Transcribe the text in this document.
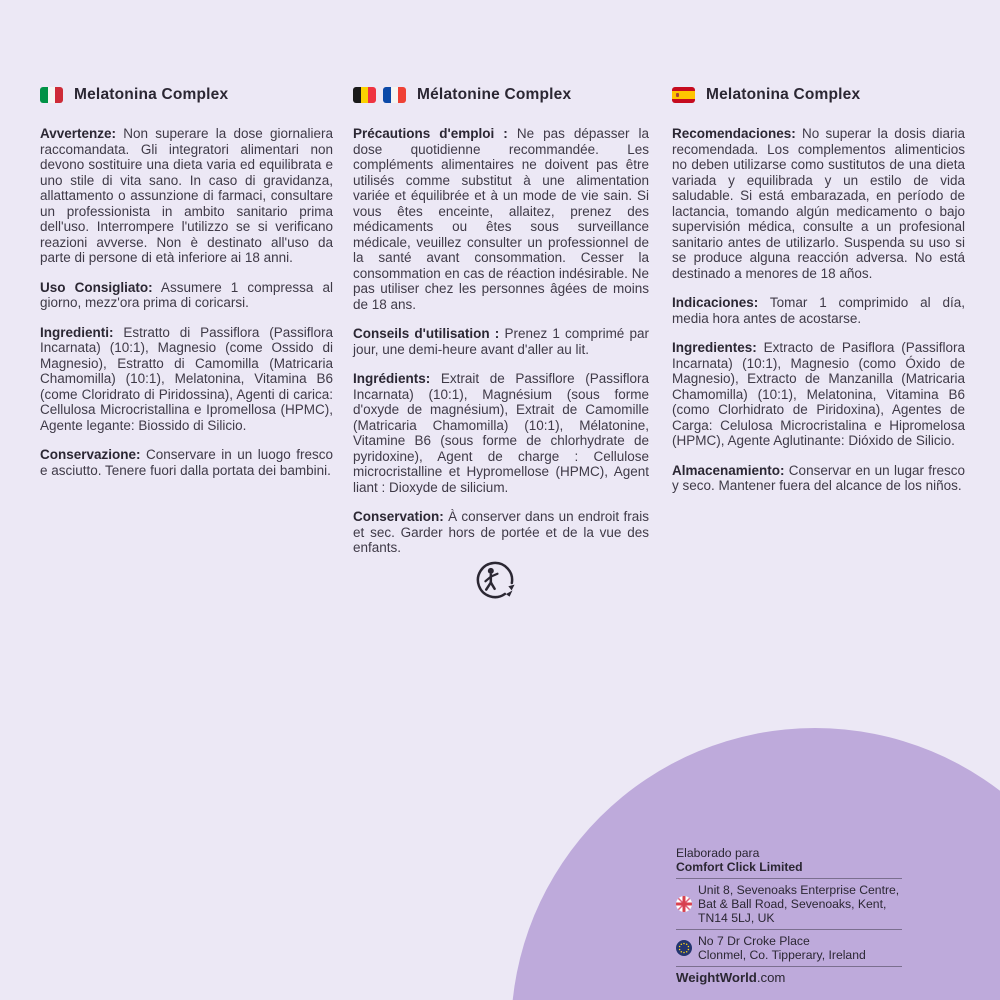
Melatonina Complex

Avvertenze: Non superare la dose giornaliera raccomandata. Gli integratori alimentari non devono sostituire una dieta varia ed equilibrata e uno stile di vita sano. In caso di gravidanza, allattamento o assunzione di farmaci, consultare un professionista in ambito sanitario prima dell'uso. Interrompere l'utilizzo se si verificano reazioni avverse. Non è destinato all'uso da parte di persone di età inferiore ai 18 anni.

Uso Consigliato: Assumere 1 compressa al giorno, mezz'ora prima di coricarsi.

Ingredienti: Estratto di Passiflora (Passiflora Incarnata) (10:1), Magnesio (come Ossido di Magnesio), Estratto di Camomilla (Matricaria Chamomilla) (10:1), Melatonina, Vitamina B6 (come Cloridrato di Piridossina), Agenti di carica: Cellulosa Microcristallina e Ipromellosa (HPMC), Agente legante: Biossido di Silicio.

Conservazione: Conservare in un luogo fresco e asciutto. Tenere fuori dalla portata dei bambini.

Mélatonine Complex

Précautions d'emploi : Ne pas dépasser la dose quotidienne recommandée. Les compléments alimentaires ne doivent pas être utilisés comme substitut à une alimentation variée et équilibrée et à un mode de vie sain. Si vous êtes enceinte, allaitez, prenez des médicaments ou êtes sous surveillance médicale, veuillez consulter un professionnel de la santé avant consommation. Cesser la consommation en cas de réaction indésirable. Ne pas utiliser chez les personnes âgées de moins de 18 ans.

Conseils d'utilisation : Prenez 1 comprimé par jour, une demi-heure avant d'aller au lit.

Ingrédients: Extrait de Passiflore (Passiflora Incarnata) (10:1), Magnésium (sous forme d'oxyde de magnésium), Extrait de Camomille (Matricaria Chamomilla) (10:1), Mélatonine, Vitamine B6 (sous forme de chlorhydrate de pyridoxine), Agent de charge : Cellulose microcristalline et Hypromellose (HPMC), Agent liant : Dioxyde de silicium.

Conservation: À conserver dans un endroit frais et sec. Garder hors de portée et de la vue des enfants.

Melatonina Complex

Recomendaciones: No superar la dosis diaria recomendada. Los complementos alimenticios no deben utilizarse como sustitutos de una dieta variada y equilibrada y un estilo de vida saludable. Si está embarazada, en período de lactancia, tomando algún medicamento o bajo supervisión médica, consulte a un profesional sanitario antes de utilizarlo. Suspenda su uso si se produce alguna reacción adversa. No está destinado a menores de 18 años.

Indicaciones: Tomar 1 comprimido al día, media hora antes de acostarse.

Ingredientes: Extracto de Pasiflora (Passiflora Incarnata) (10:1), Magnesio (como Óxido de Magnesio), Extracto de Manzanilla (Matricaria Chamomilla) (10:1), Melatonina, Vitamina B6 (como Clorhidrato de Piridoxina), Agentes de Carga: Celulosa Microcristalina e Hipromelosa (HPMC), Agente Aglutinante: Dióxido de Silicio.

Almacenamiento: Conservar en un lugar fresco y seco. Mantener fuera del alcance de los niños.

Elaborado para
Comfort Click Limited
Unit 8, Sevenoaks Enterprise Centre,
Bat & Ball Road, Sevenoaks, Kent,
TN14 5LJ, UK
No 7 Dr Croke Place
Clonmel, Co. Tipperary, Ireland
WeightWorld.com
